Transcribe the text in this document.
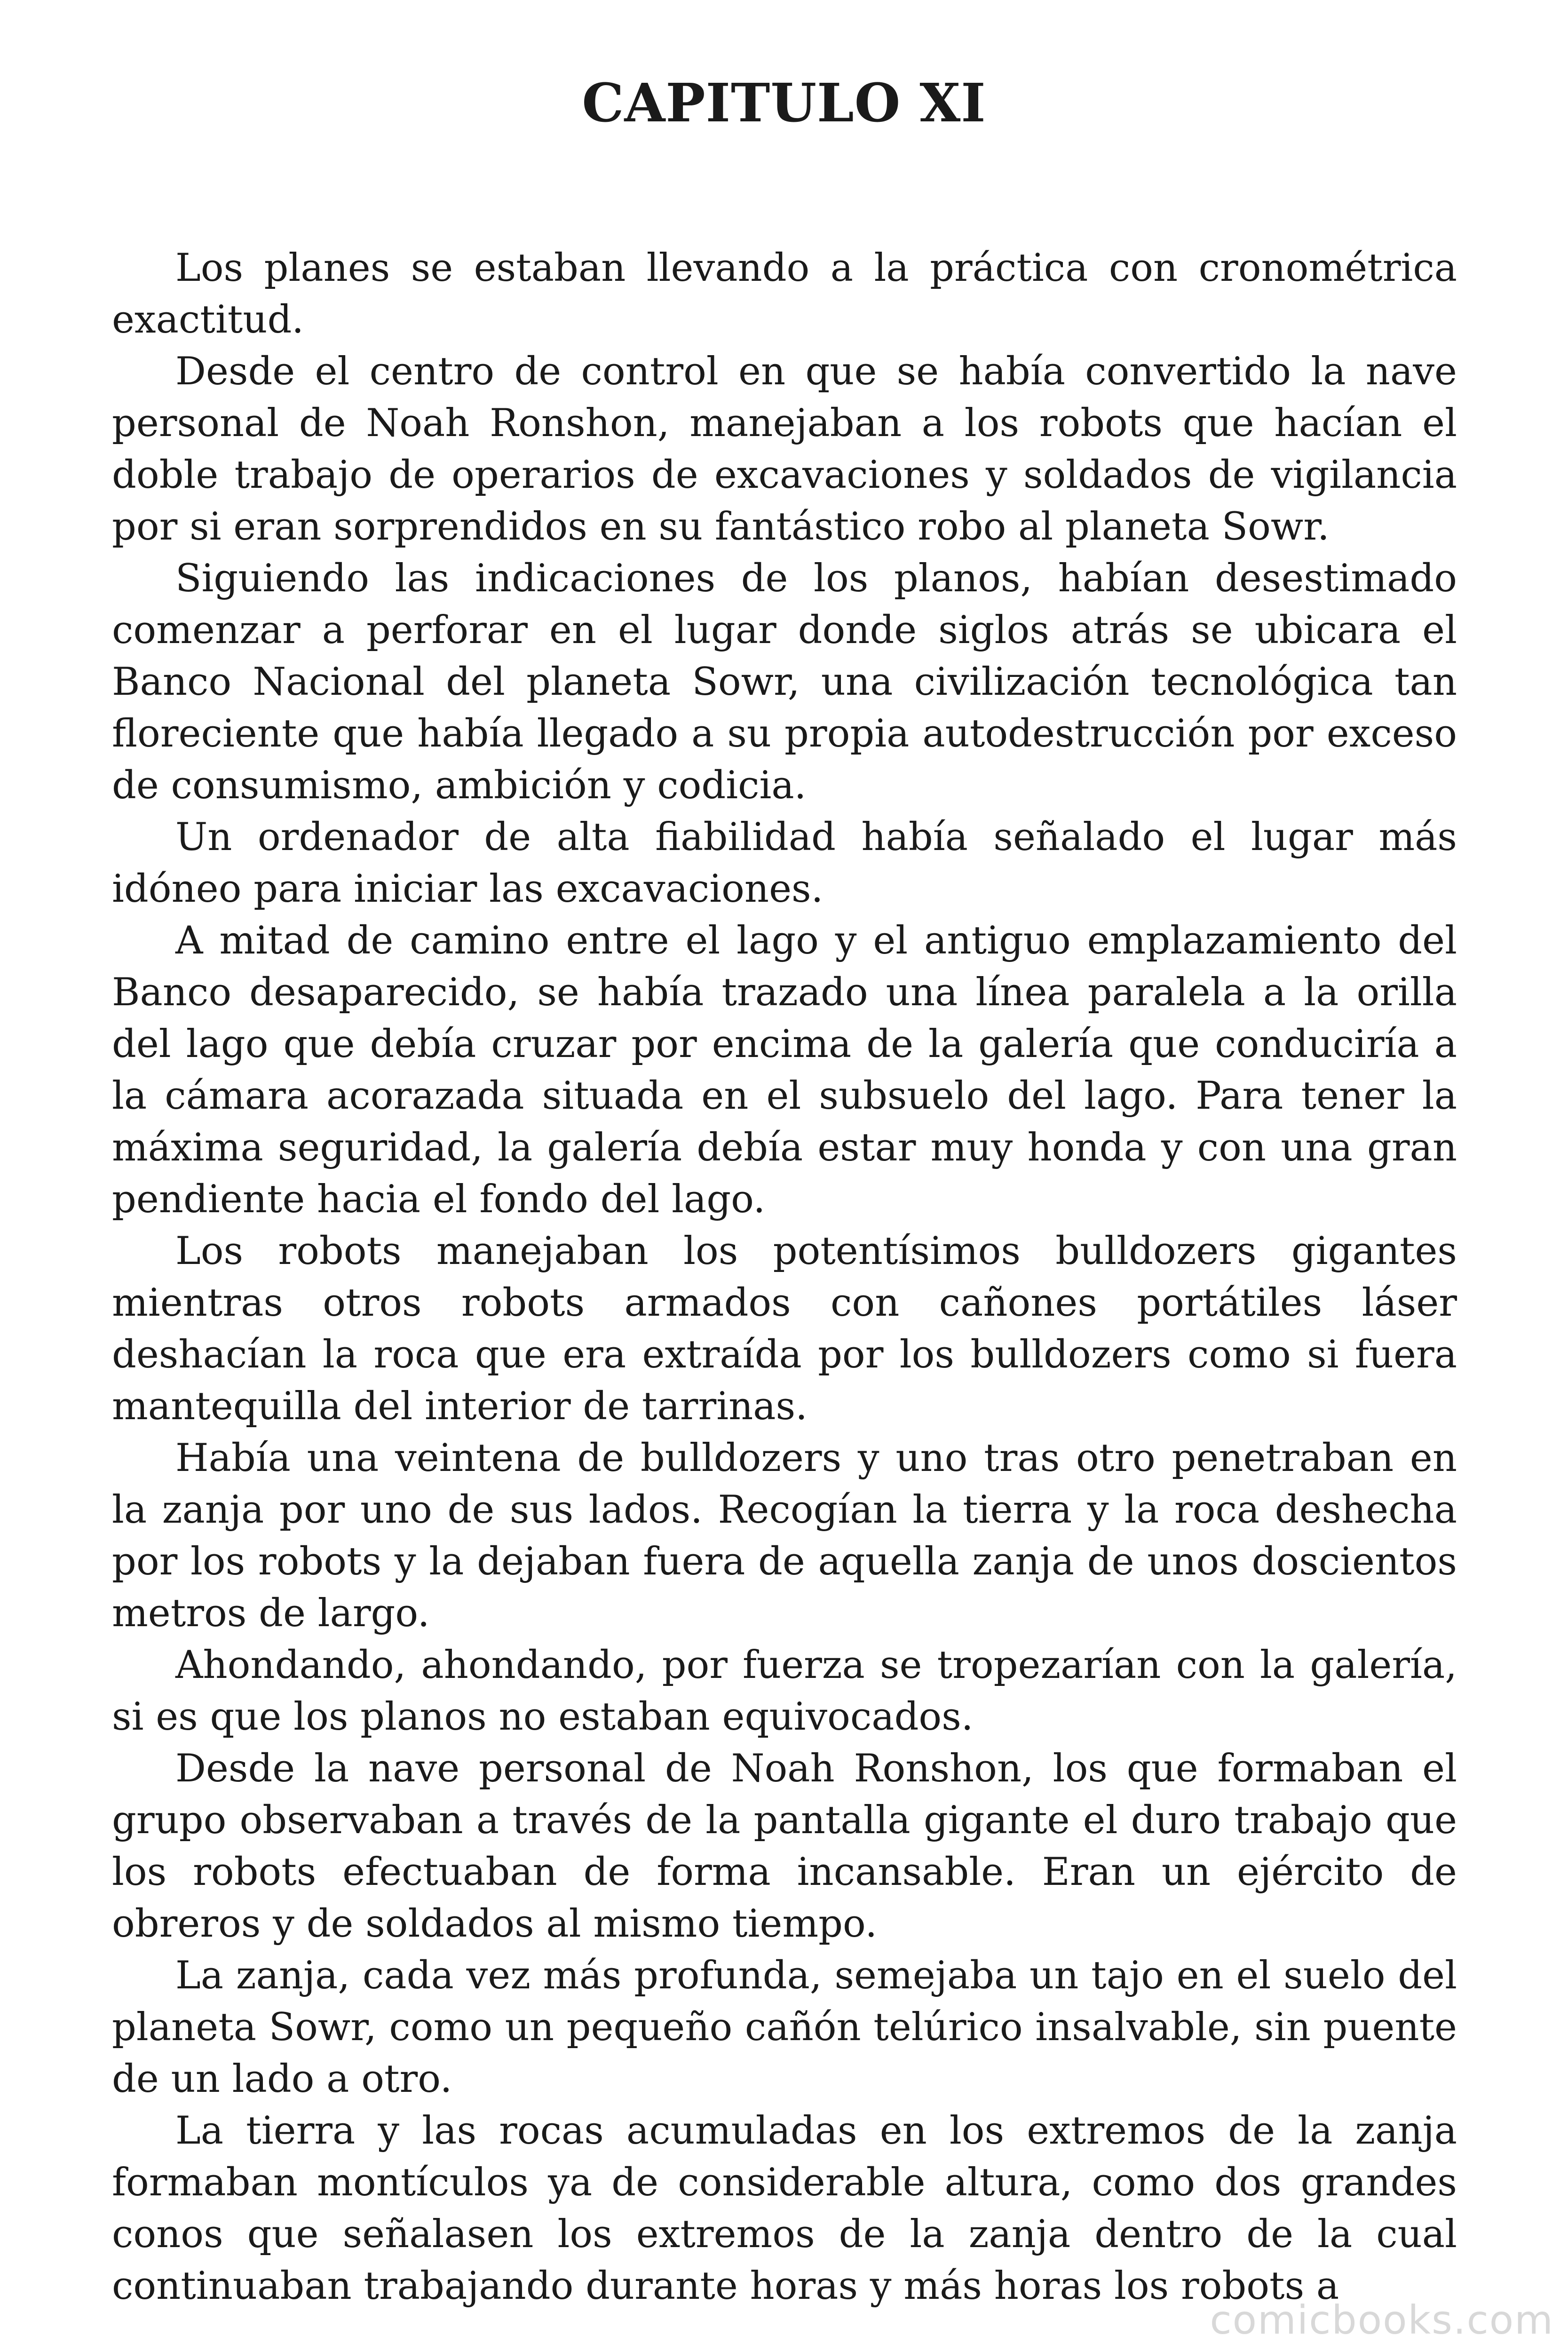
CAPITULO XI

Los planes se estaban llevando a la práctica con cronométrica exactitud.

Desde el centro de control en que se había convertido la nave personal de Noah Ronshon, manejaban a los robots que hacían el doble trabajo de operarios de excavaciones y soldados de vigilancia por si eran sorprendidos en su fantástico robo al planeta Sowr.

Siguiendo las indicaciones de los planos, habían desestimado comenzar a perforar en el lugar donde siglos atrás se ubicara el Banco Nacional del planeta Sowr, una civilización tecnológica tan floreciente que había llegado a su propia autodestrucción por exceso de consumismo, ambición y codicia.

Un ordenador de alta fiabilidad había señalado el lugar más idóneo para iniciar las excavaciones.

A mitad de camino entre el lago y el antiguo emplazamiento del Banco desaparecido, se había trazado una línea paralela a la orilla del lago que debía cruzar por encima de la galería que conduciría a la cámara acorazada situada en el subsuelo del lago. Para tener la máxima seguridad, la galería debía estar muy honda y con una gran pendiente hacia el fondo del lago.

Los robots manejaban los potentísimos bulldozers gigantes mientras otros robots armados con cañones portátiles láser deshacían la roca que era extraída por los bulldozers como si fuera mantequilla del interior de tarrinas.

Había una veintena de bulldozers y uno tras otro penetraban en la zanja por uno de sus lados. Recogían la tierra y la roca deshecha por los robots y la dejaban fuera de aquella zanja de unos doscientos metros de largo.

Ahondando, ahondando, por fuerza se tropezarían con la galería, si es que los planos no estaban equivocados.

Desde la nave personal de Noah Ronshon, los que formaban el grupo observaban a través de la pantalla gigante el duro trabajo que los robots efectuaban de forma incansable. Eran un ejército de obreros y de soldados al mismo tiempo.

La zanja, cada vez más profunda, semejaba un tajo en el suelo del planeta Sowr, como un pequeño cañón telúrico insalvable, sin puente de un lado a otro.

La tierra y las rocas acumuladas en los extremos de la zanja formaban montículos ya de considerable altura, como dos grandes conos que señalasen los extremos de la zanja dentro de la cual continuaban trabajando durante horas y más horas los robots a

comicbooks.com
